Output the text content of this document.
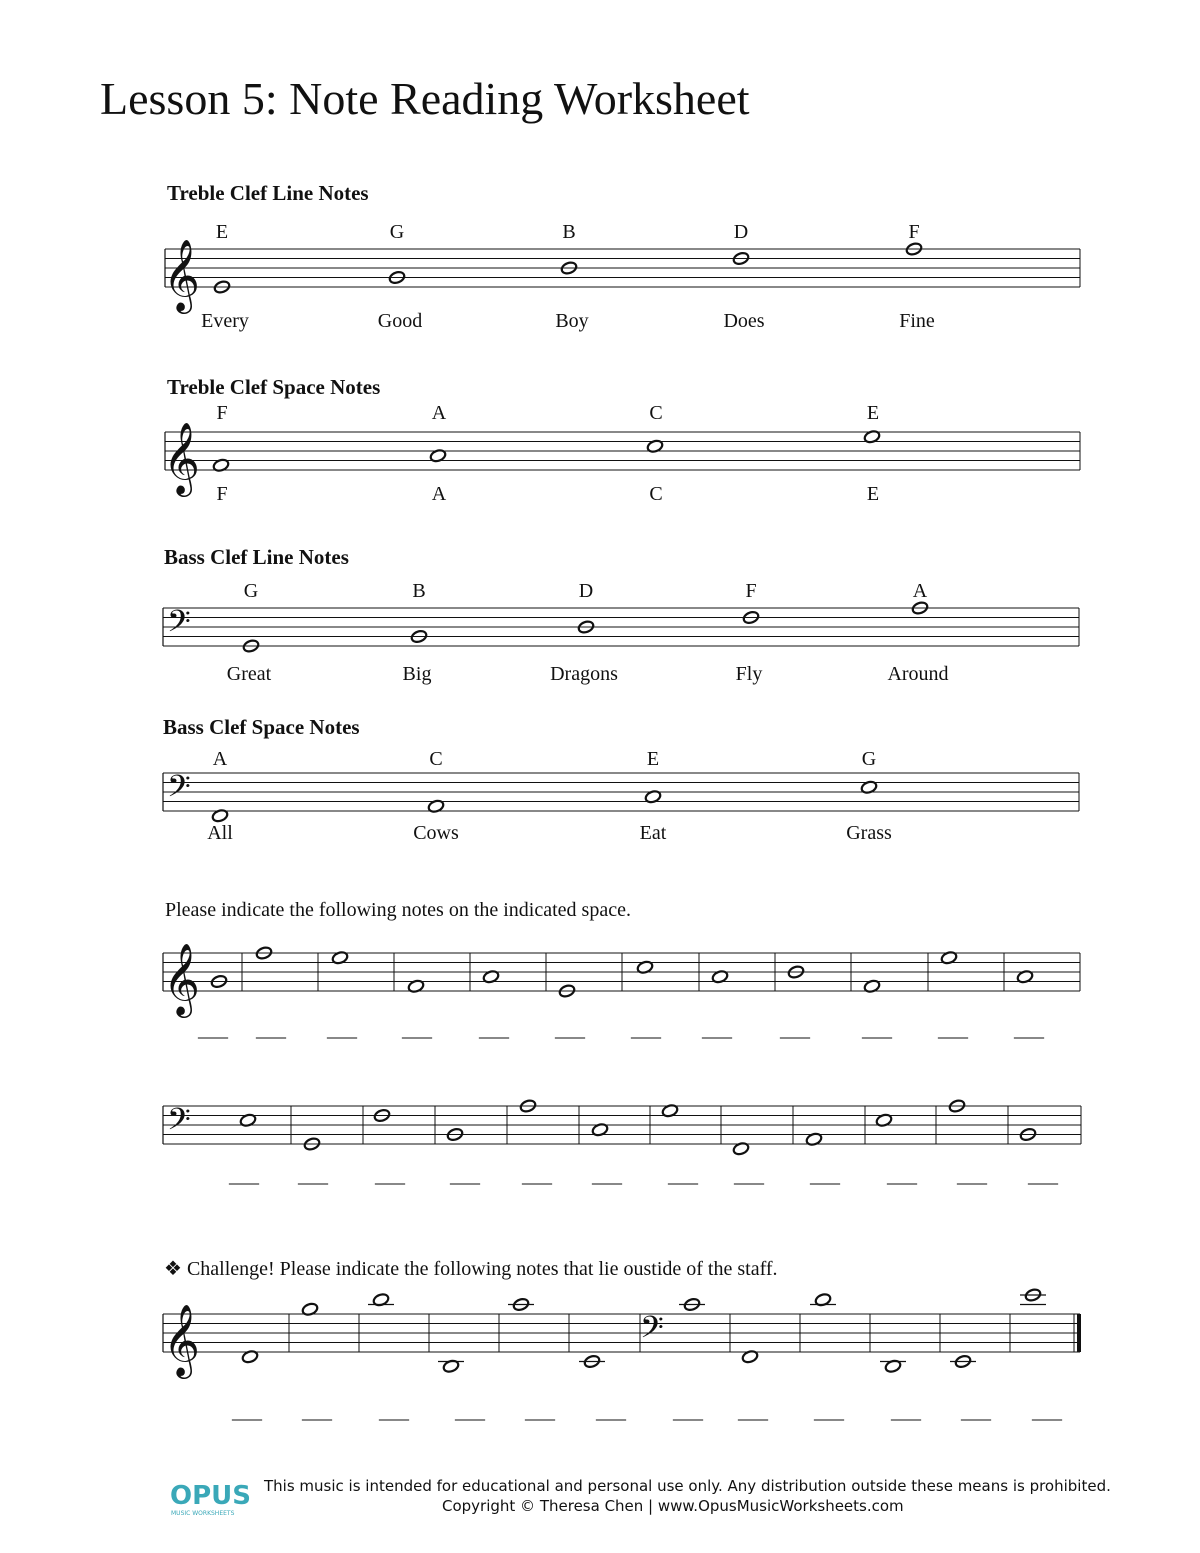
Lesson 5: Note Reading Worksheet
Treble Clef Line Notes
Treble Clef Space Notes
Bass Clef Line Notes
Bass Clef Space Notes
Please indicate the following notes on the indicated space.
❖ Challenge! Please indicate the following notes that lie oustide of the staff.
𝄞
E
Every
G
Good
B
Boy
D
Does
F
Fine
𝄞
F
F
A
A
C
C
E
E
𝄢
G
Great
B
Big
D
Dragons
F
Fly
A
Around
𝄢
A
All
C
Cows
E
Eat
G
Grass
𝄞
___ ___ ___ ___ ___ ___ ___ ___ ___	___ ___ ___
𝄢
___ ___ ___ ___ ___ ___ ___ ___ ___ ___ ___ ___
𝄞	𝄢
___ ___ ___ ___ ___ ___ ___ ___ ___ ___ ___ ___
OPUS
MUSIC WORKSHEETS
This music is intended for educational and personal use only. Any distribution outside these means is prohibited.
Copyright © Theresa Chen | www.OpusMusicWorksheets.com
